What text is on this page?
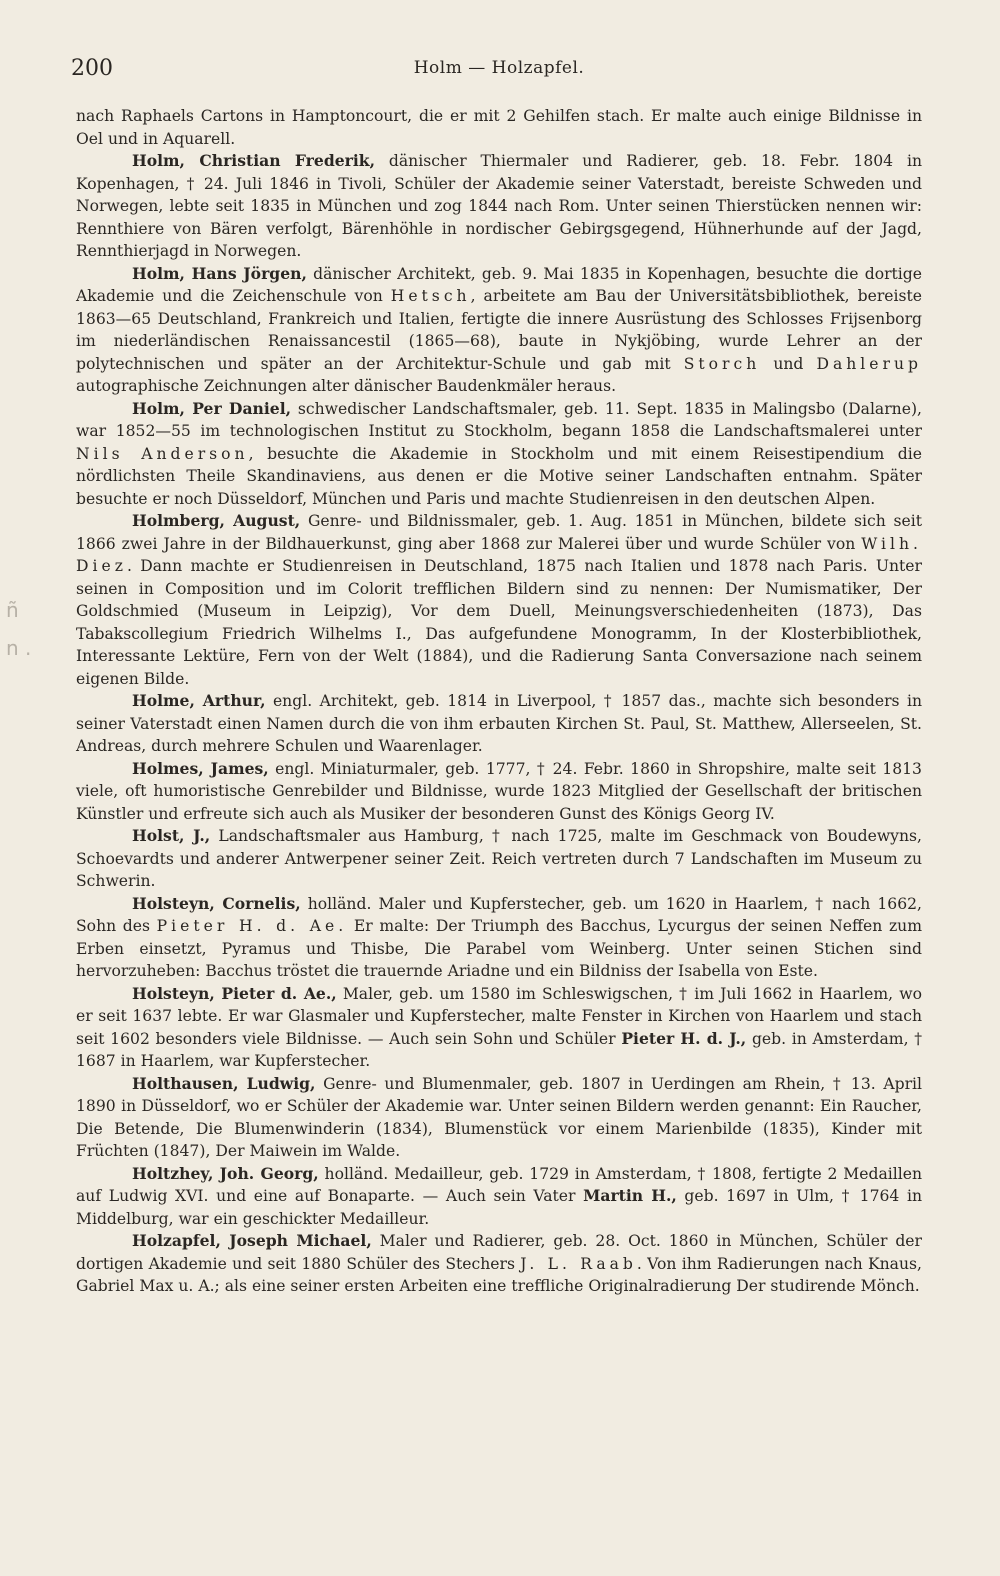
200	Holm — Holzapfel.
ñ
n .

nach Raphaels Cartons in Hamptoncourt, die er mit 2 Gehilfen stach. Er malte auch einige Bildnisse in Oel und in Aquarell.

Holm, Christian Frederik, dänischer Thiermaler und Radierer, geb. 18. Febr. 1804 in Kopenhagen, † 24. Juli 1846 in Tivoli, Schüler der Akademie seiner Vaterstadt, bereiste Schweden und Norwegen, lebte seit 1835 in München und zog 1844 nach Rom. Unter seinen Thierstücken nennen wir: Rennthiere von Bären verfolgt, Bärenhöhle in nordischer Gebirgsgegend, Hühnerhunde auf der Jagd, Rennthierjagd in Norwegen.

Holm, Hans Jörgen, dänischer Architekt, geb. 9. Mai 1835 in Kopenhagen, besuchte die dortige Akademie und die Zeichenschule von Hetsch, arbeitete am Bau der Universitätsbibliothek, bereiste 1863—65 Deutschland, Frankreich und Italien, fertigte die innere Ausrüstung des Schlosses Frijsenborg im niederländischen Renaissancestil (1865—68), baute in Nykjöbing, wurde Lehrer an der polytechnischen und später an der Architektur-Schule und gab mit Storch und Dahlerup autographische Zeichnungen alter dänischer Baudenkmäler heraus.

Holm, Per Daniel, schwedischer Landschaftsmaler, geb. 11. Sept. 1835 in Malingsbo (Dalarne), war 1852—55 im technologischen Institut zu Stockholm, begann 1858 die Landschaftsmalerei unter Nils Anderson, besuchte die Akademie in Stockholm und mit einem Reisestipendium die nördlichsten Theile Skandinaviens, aus denen er die Motive seiner Landschaften entnahm. Später besuchte er noch Düsseldorf, München und Paris und machte Studienreisen in den deutschen Alpen.

Holmberg, August, Genre- und Bildnissmaler, geb. 1. Aug. 1851 in München, bildete sich seit 1866 zwei Jahre in der Bildhauerkunst, ging aber 1868 zur Malerei über und wurde Schüler von Wilh. Diez. Dann machte er Studienreisen in Deutschland, 1875 nach Italien und 1878 nach Paris. Unter seinen in Composition und im Colorit trefflichen Bildern sind zu nennen: Der Numismatiker, Der Goldschmied (Museum in Leipzig), Vor dem Duell, Meinungsverschiedenheiten (1873), Das Tabakscollegium Friedrich Wilhelms I., Das aufgefundene Monogramm, In der Klosterbibliothek, Interessante Lektüre, Fern von der Welt (1884), und die Radierung Santa Conversazione nach seinem eigenen Bilde.

Holme, Arthur, engl. Architekt, geb. 1814 in Liverpool, † 1857 das., machte sich besonders in seiner Vaterstadt einen Namen durch die von ihm erbauten Kirchen St. Paul, St. Matthew, Allerseelen, St. Andreas, durch mehrere Schulen und Waarenlager.

Holmes, James, engl. Miniaturmaler, geb. 1777, † 24. Febr. 1860 in Shropshire, malte seit 1813 viele, oft humoristische Genrebilder und Bildnisse, wurde 1823 Mitglied der Gesellschaft der britischen Künstler und erfreute sich auch als Musiker der besonderen Gunst des Königs Georg IV.

Holst, J., Landschaftsmaler aus Hamburg, † nach 1725, malte im Geschmack von Boudewyns, Schoevardts und anderer Antwerpener seiner Zeit. Reich vertreten durch 7 Landschaften im Museum zu Schwerin.

Holsteyn, Cornelis, holländ. Maler und Kupferstecher, geb. um 1620 in Haarlem, † nach 1662, Sohn des Pieter H. d. Ae. Er malte: Der Triumph des Bacchus, Lycurgus der seinen Neffen zum Erben einsetzt, Pyramus und Thisbe, Die Parabel vom Weinberg. Unter seinen Stichen sind hervorzuheben: Bacchus tröstet die trauernde Ariadne und ein Bildniss der Isabella von Este.

Holsteyn, Pieter d. Ae., Maler, geb. um 1580 im Schleswigschen, † im Juli 1662 in Haarlem, wo er seit 1637 lebte. Er war Glasmaler und Kupferstecher, malte Fenster in Kirchen von Haarlem und stach seit 1602 besonders viele Bildnisse. — Auch sein Sohn und Schüler Pieter H. d. J., geb. in Amsterdam, † 1687 in Haarlem, war Kupferstecher.

Holthausen, Ludwig, Genre- und Blumenmaler, geb. 1807 in Uerdingen am Rhein, † 13. April 1890 in Düsseldorf, wo er Schüler der Akademie war. Unter seinen Bildern werden genannt: Ein Raucher, Die Betende, Die Blumenwinderin (1834), Blumenstück vor einem Marienbilde (1835), Kinder mit Früchten (1847), Der Maiwein im Walde.

Holtzhey, Joh. Georg, holländ. Medailleur, geb. 1729 in Amsterdam, † 1808, fertigte 2 Medaillen auf Ludwig XVI. und eine auf Bonaparte. — Auch sein Vater Martin H., geb. 1697 in Ulm, † 1764 in Middelburg, war ein geschickter Medailleur.

Holzapfel, Joseph Michael, Maler und Radierer, geb. 28. Oct. 1860 in München, Schüler der dortigen Akademie und seit 1880 Schüler des Stechers J. L. Raab. Von ihm Radierungen nach Knaus, Gabriel Max u. A.; als eine seiner ersten Arbeiten eine treffliche Originalradierung Der studirende Mönch.
